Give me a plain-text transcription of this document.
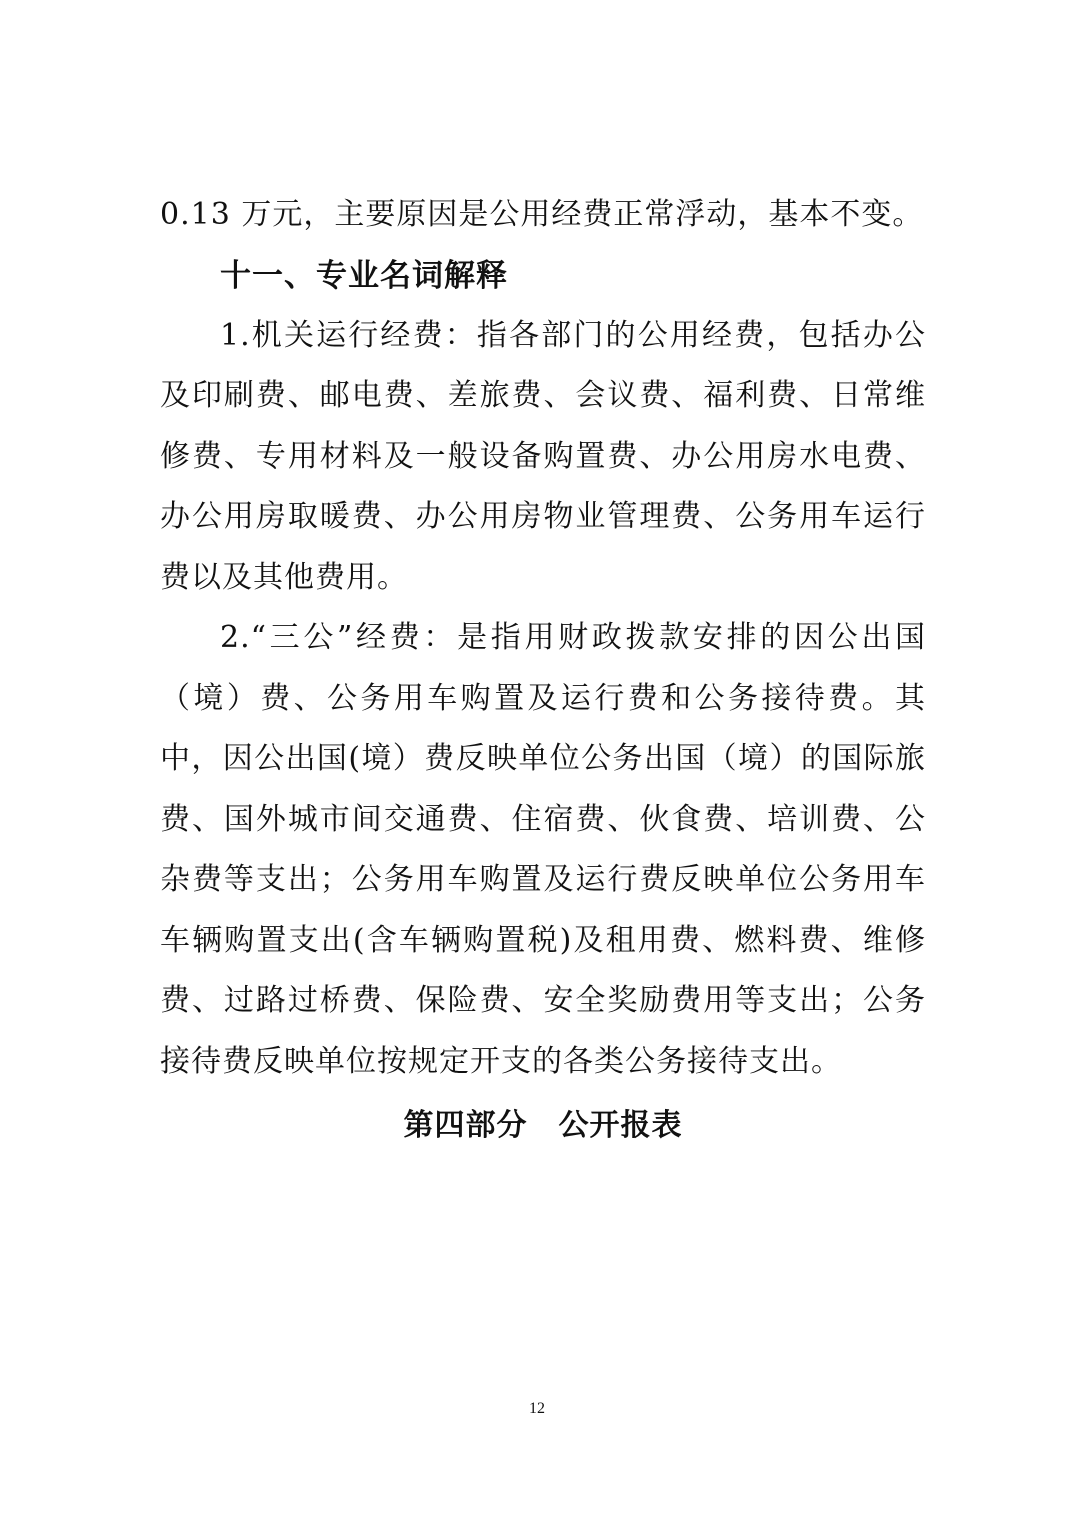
0.13 万元，主要原因是公用经费正常浮动，基本不变。

十一、专业名词解释

1.机关运行经费：指各部门的公用经费，包括办公及印刷费、邮电费、差旅费、会议费、福利费、日常维修费、专用材料及一般设备购置费、办公用房水电费、办公用房取暖费、办公用房物业管理费、公务用车运行费以及其他费用。

2.“三公”经费：是指用财政拨款安排的因公出国（境）费、公务用车购置及运行费和公务接待费。其中，因公出国(境）费反映单位公务出国（境）的国际旅费、国外城市间交通费、住宿费、伙食费、培训费、公杂费等支出；公务用车购置及运行费反映单位公务用车车辆购置支出(含车辆购置税)及租用费、燃料费、维修费、过路过桥费、保险费、安全奖励费用等支出；公务接待费反映单位按规定开支的各类公务接待支出。

第四部分　公开报表
12
